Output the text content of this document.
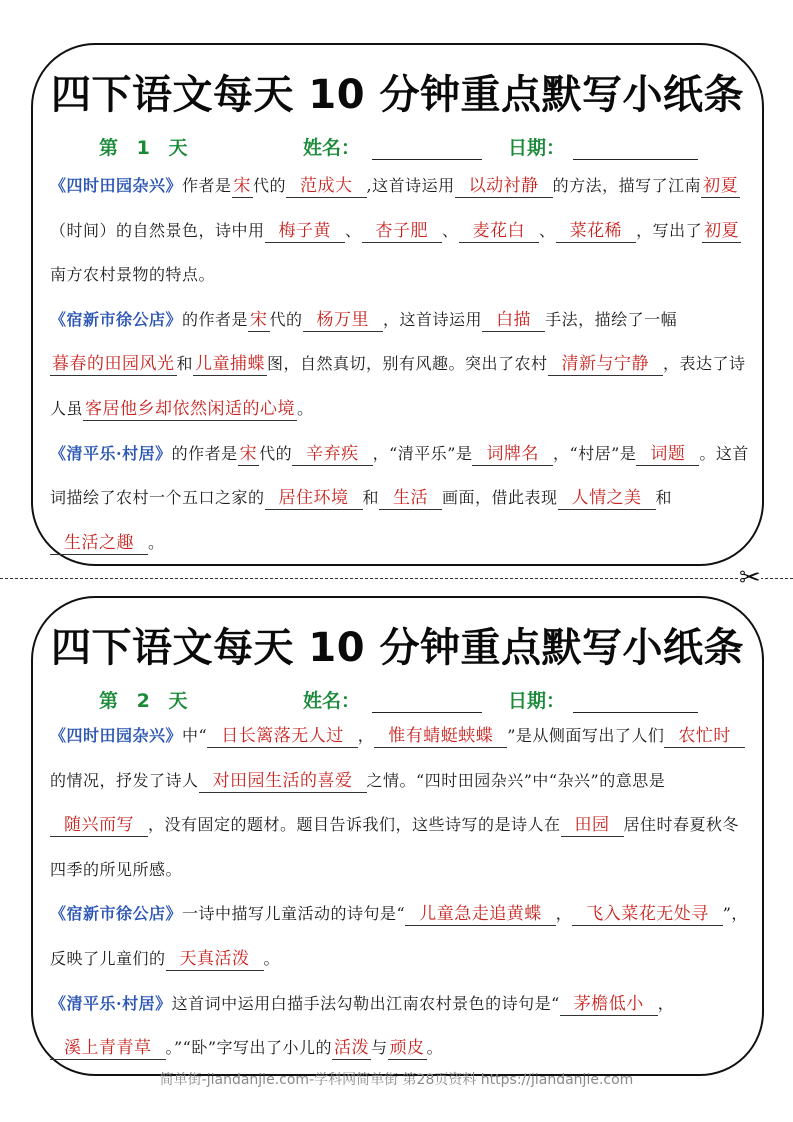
四下语文每天 10 分钟重点默写小纸条
第 1 天	姓名：	日期：
《四时田园杂兴》作者是 宋 代的 范成大 ,这首诗运用 以动衬静 的方法，描写了江南 初夏（时间）的自然景色，诗中用 梅子黄 、 杏子肥 、 麦花白 、 菜花稀 ，写出了 初夏南方农村景物的特点。
《宿新市徐公店》的作者是 宋 代的 杨万里 ，这首诗运用 白描 手法，描绘了一幅暮春的田园风光 和 儿童捕蝶 图，自然真切，别有风趣。突出了农村 清新与宁静 ，表达了诗人虽 客居他乡却依然闲适的心境 。
《清平乐·村居》的作者是 宋 代的 辛弃疾 ，“清平乐”是 词牌名 ，“村居”是 词题 。这首词描绘了农村一个五口之家的 居住环境 和 生活 画面，借此表现 人情之美 和生活之趣 。
✂
四下语文每天 10 分钟重点默写小纸条
第 2 天	姓名：	日期：
《四时田园杂兴》中“ 日长篱落无人过 ， 惟有蜻蜓蛱蝶 ”是从侧面写出了人们 农忙时的情况，抒发了诗人 对田园生活的喜爱 之情。“四时田园杂兴”中“杂兴”的意思是随兴而写 ，没有固定的题材。题目告诉我们，这些诗写的是诗人在 田园 居住时春夏秋冬四季的所见所感。
《宿新市徐公店》一诗中描写儿童活动的诗句是“ 儿童急走追黄蝶 ， 飞入菜花无处寻 ”，反映了儿童们的 天真活泼 。
《清平乐·村居》这首词中运用白描手法勾勒出江南农村景色的诗句是“ 茅檐低小 ，溪上青青草 。”“卧”字写出了小儿的 活泼 与 顽皮 。
简单街-jiandanjie.com-学科网简单街 第28页资料 https://jiandanjie.com
